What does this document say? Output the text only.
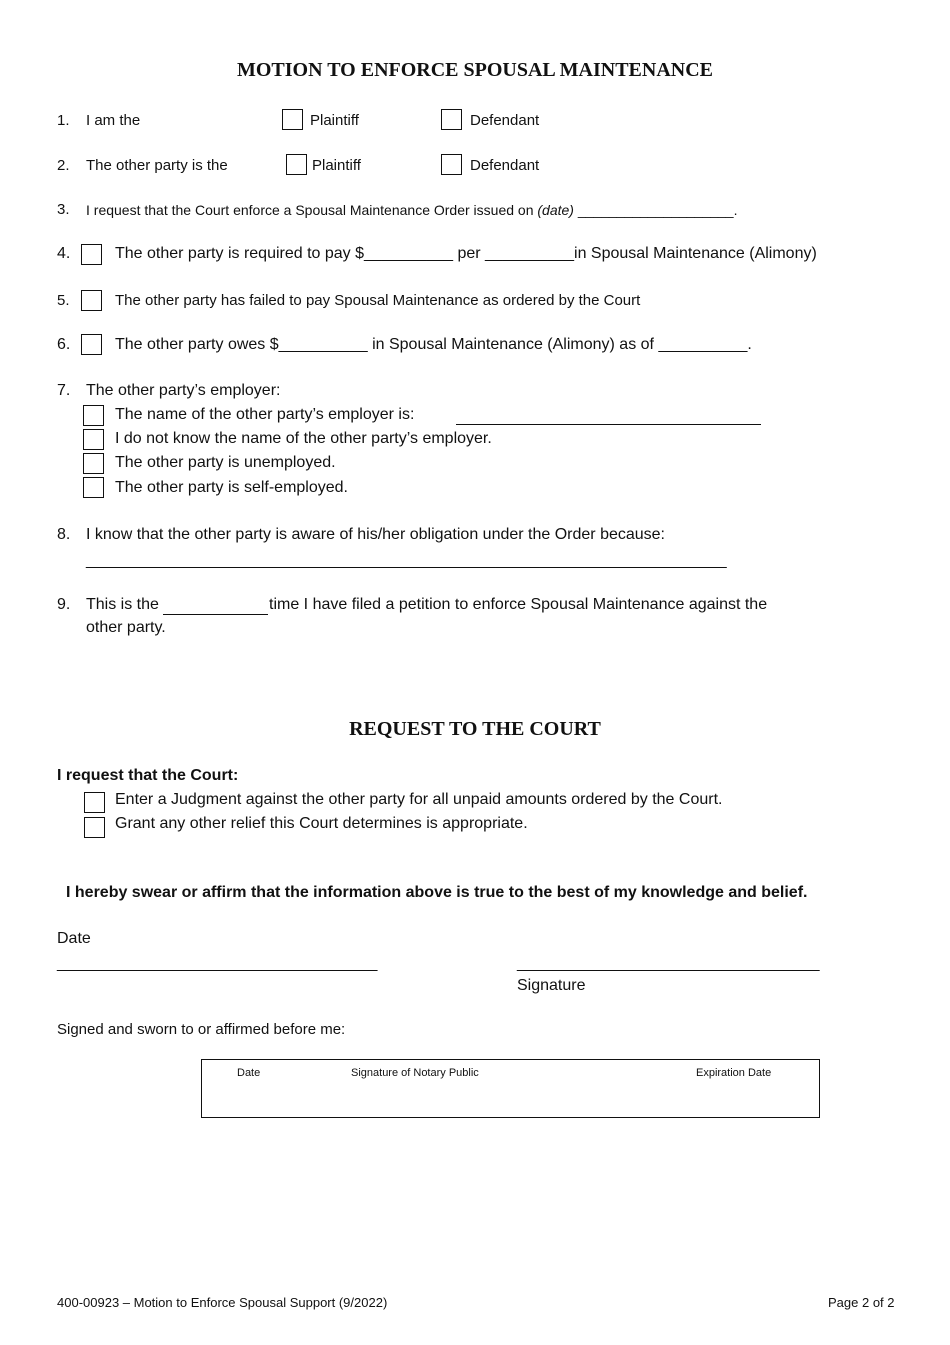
MOTION TO ENFORCE SPOUSAL MAINTENANCE
1. I am the	Plaintiff	Defendant
2. The other party is the	Plaintiff	Defendant
3. I request that the Court enforce a Spousal Maintenance Order issued on (date) ____________________.
4.	The other party is required to pay $__________ per __________in Spousal Maintenance (Alimony)
5.	The other party has failed to pay Spousal Maintenance as ordered by the Court
6.	The other party owes $__________ in Spousal Maintenance (Alimony) as of __________.
7. The other party’s employer:
The name of the other party’s employer is:
I do not know the name of the other party’s employer.
The other party is unemployed.
The other party is self-employed.
8. I know that the other party is aware of his/her obligation under the Order because:
________________________________________________________________________
9. This is the	time I have filed a petition to enforce Spousal Maintenance against the
other party.
REQUEST TO THE COURT
I request that the Court:
Enter a Judgment against the other party for all unpaid amounts ordered by the Court.
Grant any other relief this Court determines is appropriate.
I hereby swear or affirm that the information above is true to the best of my knowledge and belief.
Date
____________________________________	__________________________________
Signature
Signed and sworn to or affirmed before me:
Date	Signature of Notary Public	Expiration Date
400-00923 – Motion to Enforce Spousal Support (9/2022)	Page 2 of 2
